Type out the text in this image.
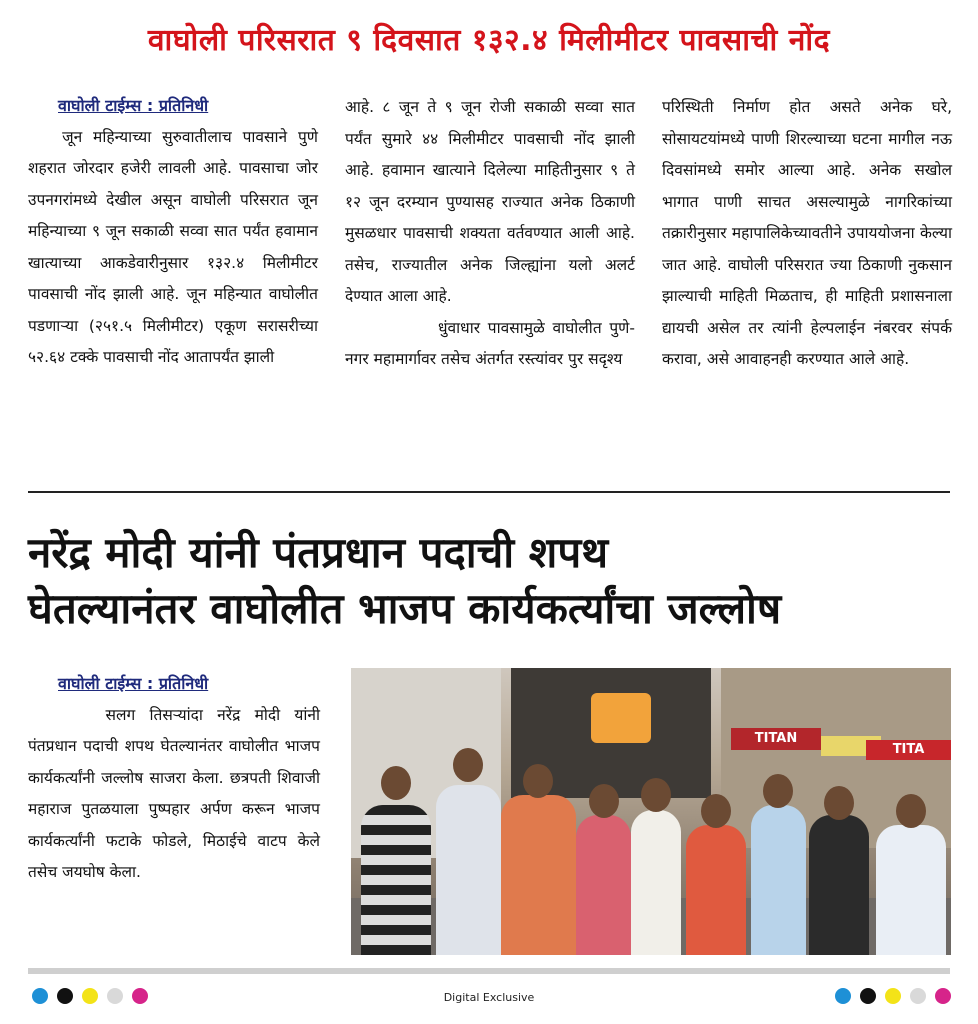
वाघोली परिसरात ९ दिवसात १३२.४ मिलीमीटर पावसाची नोंद
वाघोली टाईम्स : प्रतिनिधी
जून महिन्याच्या सुरुवातीलाच पावसाने पुणे शहरात जोरदार हजेरी लावली आहे. पावसाचा जोर उपनगरांमध्ये देखील असून वाघोली परिसरात जून महिन्याच्या ९ जून सकाळी सव्वा सात पर्यंत हवामान खात्याच्या आकडेवारीनुसार १३२.४ मिलीमीटर पावसाची नोंद झाली आहे. जून महिन्यात वाघोलीत पडणाऱ्या (२५१.५ मिलीमीटर) एकूण सरासरीच्या ५२.६४ टक्के पावसाची नोंद आतापर्यंत झाली
आहे. ८ जून ते ९ जून रोजी सकाळी सव्वा सात पर्यंत सुमारे ४४ मिलीमीटर पावसाची नोंद झाली आहे. हवामान खात्याने दिलेल्या माहितीनुसार ९ ते १२ जून दरम्यान पुण्यासह राज्यात अनेक ठिकाणी मुसळधार पावसाची शक्यता वर्तवण्यात आली आहे. तसेच, राज्यातील अनेक जिल्ह्यांना यलो अलर्ट देण्यात आला आहे.
धुंवाधार पावसामुळे वाघोलीत पुणे-नगर महामार्गावर तसेच अंतर्गत रस्त्यांवर पुर सदृश्य
परिस्थिती निर्माण होत असते अनेक घरे, सोसायटयांमध्ये पाणी शिरल्याच्या घटना मागील नऊ दिवसांमध्ये समोर आल्या आहे. अनेक सखोल भागात पाणी साचत असल्यामुळे नागरिकांच्या तक्रारीनुसार महापालिकेच्यावतीने उपाययोजना केल्या जात आहे. वाघोली परिसरात ज्या ठिकाणी नुकसान झाल्याची माहिती मिळताच, ही माहिती प्रशासनाला द्यायची असेल तर त्यांनी हेल्पलाईन नंबरवर संपर्क करावा, असे आवाहनही करण्यात आले आहे.
नरेंद्र मोदी यांनी पंतप्रधान पदाची शपथ
घेतल्यानंतर वाघोलीत भाजप कार्यकर्त्यांचा जल्लोष
वाघोली टाईम्स : प्रतिनिधी
सलग तिसऱ्यांदा नरेंद्र मोदी यांनी पंतप्रधान पदाची शपथ घेतल्यानंतर वाघोलीत भाजप कार्यकर्त्यांनी जल्लोष साजरा केला. छत्रपती शिवाजी महाराज पुतळयाला पुष्पहार अर्पण करून भाजप कार्यकर्त्यांनी फटाके फोडले, मिठाईचे वाटप केले तसेच जयघोष केला.
TITAN
TITA
Digital Exclusive
